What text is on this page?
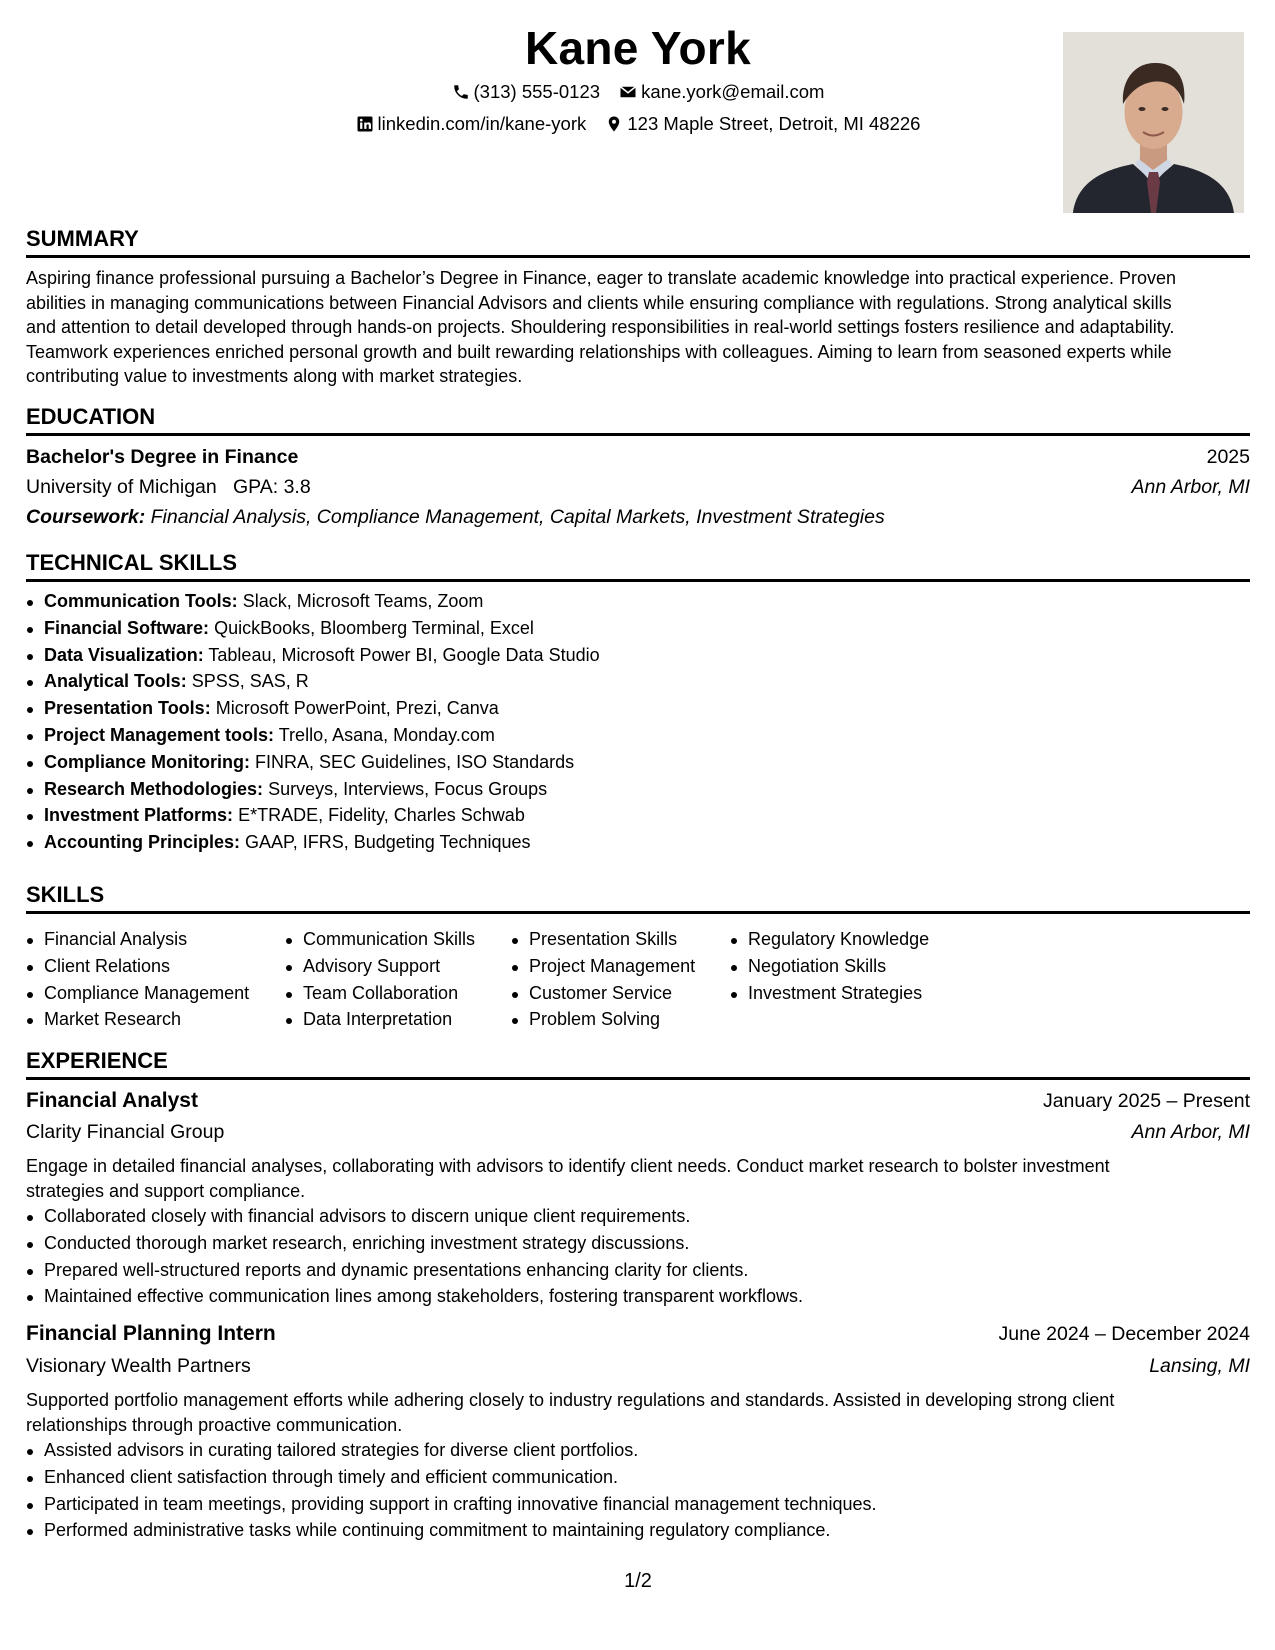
Kane York
(313) 555-0123
kane.york@email.com
linkedin.com/in/kane-york
123 Maple Street, Detroit, MI 48226
SUMMARY
Aspiring finance professional pursuing a Bachelor’s Degree in Finance, eager to translate academic knowledge into practical experience. Proven
abilities in managing communications between Financial Advisors and clients while ensuring compliance with regulations. Strong analytical skills
and attention to detail developed through hands-on projects. Shouldering responsibilities in real-world settings fosters resilience and adaptability.
Teamwork experiences enriched personal growth and built rewarding relationships with colleagues. Aiming to learn from seasoned experts while
contributing value to investments along with market strategies.
EDUCATION
Bachelor's Degree in Finance	2025
University of Michigan GPA: 3.8	Ann Arbor, MI
Coursework: Financial Analysis, Compliance Management, Capital Markets, Investment Strategies
TECHNICAL SKILLS
Communication Tools: Slack, Microsoft Teams, Zoom
Financial Software: QuickBooks, Bloomberg Terminal, Excel
Data Visualization: Tableau, Microsoft Power BI, Google Data Studio
Analytical Tools: SPSS, SAS, R
Presentation Tools: Microsoft PowerPoint, Prezi, Canva
Project Management tools: Trello, Asana, Monday.com
Compliance Monitoring: FINRA, SEC Guidelines, ISO Standards
Research Methodologies: Surveys, Interviews, Focus Groups
Investment Platforms: E*TRADE, Fidelity, Charles Schwab
Accounting Principles: GAAP, IFRS, Budgeting Techniques
SKILLS
Financial Analysis
Client Relations
Compliance Management
Market Research
Communication Skills
Advisory Support
Team Collaboration
Data Interpretation
Presentation Skills
Project Management
Customer Service
Problem Solving
Regulatory Knowledge
Negotiation Skills
Investment Strategies
EXPERIENCE
Financial Analyst	January 2025 – Present
Clarity Financial Group	Ann Arbor, MI
Engage in detailed financial analyses, collaborating with advisors to identify client needs. Conduct market research to bolster investment
strategies and support compliance.
Collaborated closely with financial advisors to discern unique client requirements.
Conducted thorough market research, enriching investment strategy discussions.
Prepared well-structured reports and dynamic presentations enhancing clarity for clients.
Maintained effective communication lines among stakeholders, fostering transparent workflows.
Financial Planning Intern	June 2024 – December 2024
Visionary Wealth Partners	Lansing, MI
Supported portfolio management efforts while adhering closely to industry regulations and standards. Assisted in developing strong client
relationships through proactive communication.
Assisted advisors in curating tailored strategies for diverse client portfolios.
Enhanced client satisfaction through timely and efficient communication.
Participated in team meetings, providing support in crafting innovative financial management techniques.
Performed administrative tasks while continuing commitment to maintaining regulatory compliance.
1/2
